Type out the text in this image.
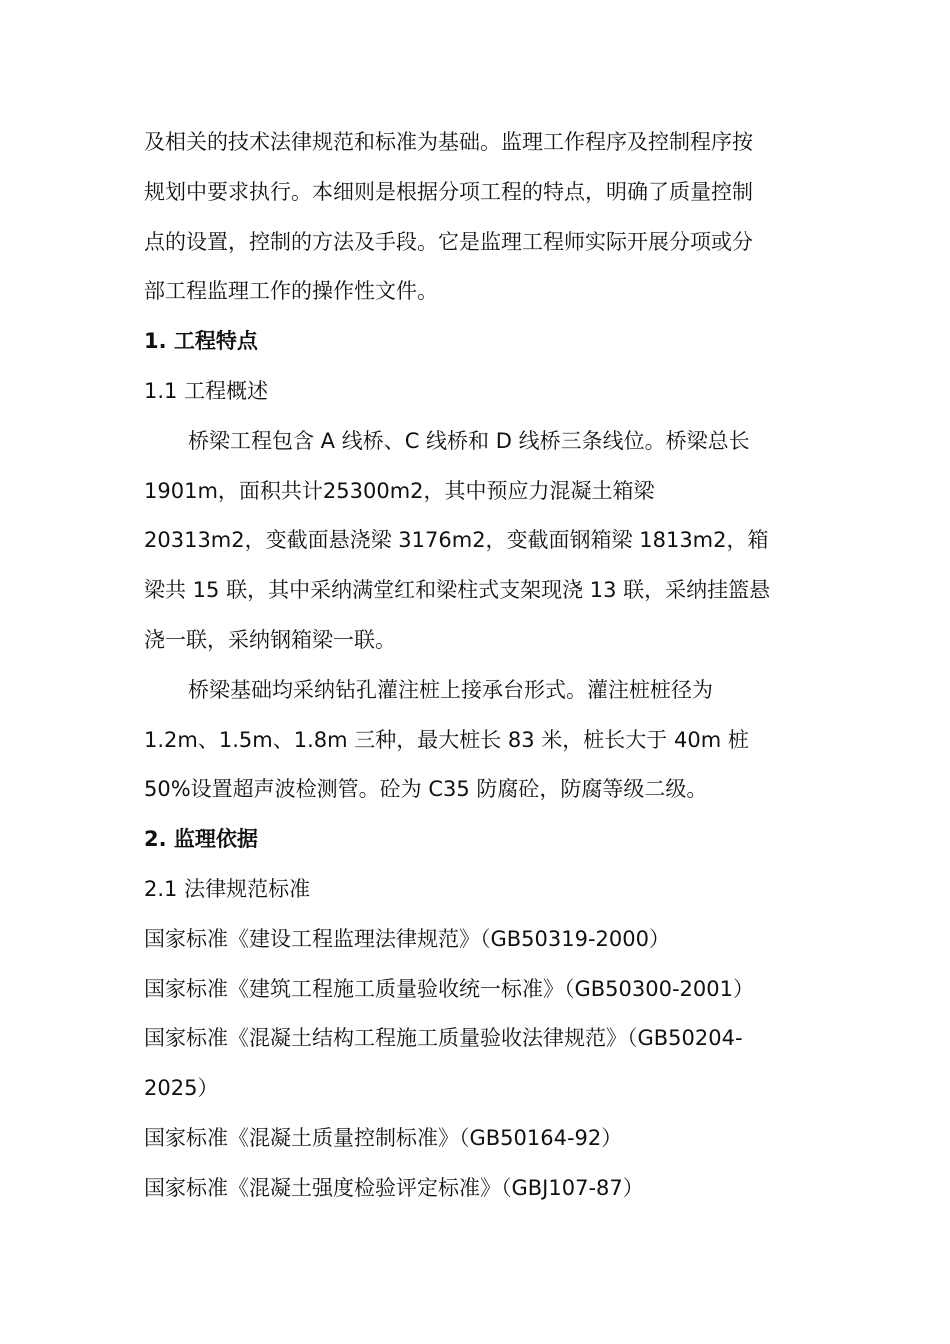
及相关的技术法律规范和标准为基础。监理工作程序及控制程序按
规划中要求执行。本细则是根据分项工程的特点，明确了质量控制
点的设置，控制的方法及手段。它是监理工程师实际开展分项或分
部工程监理工作的操作性文件。
1. 工程特点
1.1 工程概述
桥梁工程包含 A 线桥、C 线桥和 D 线桥三条线位。桥梁总长
1901m，面积共计25300m2，其中预应力混凝土箱梁
20313m2，变截面悬浇梁 3176m2，变截面钢箱梁 1813m2，箱
梁共 15 联，其中采纳满堂红和梁柱式支架现浇 13 联，采纳挂篮悬
浇一联，采纳钢箱梁一联。
桥梁基础均采纳钻孔灌注桩上接承台形式。灌注桩桩径为
1.2m、1.5m、1.8m 三种，最大桩长 83 米，桩长大于 40m 桩
50%设置超声波检测管。砼为 C35 防腐砼，防腐等级二级。
2. 监理依据
2.1 法律规范标准
国家标准《建设工程监理法律规范》（GB50319-2000）
国家标准《建筑工程施工质量验收统一标准》（GB50300-2001）
国家标准《混凝土结构工程施工质量验收法律规范》（GB50204-
2025）
国家标准《混凝土质量控制标准》（GB50164-92）
国家标准《混凝土强度检验评定标准》（GBJ107-87）
